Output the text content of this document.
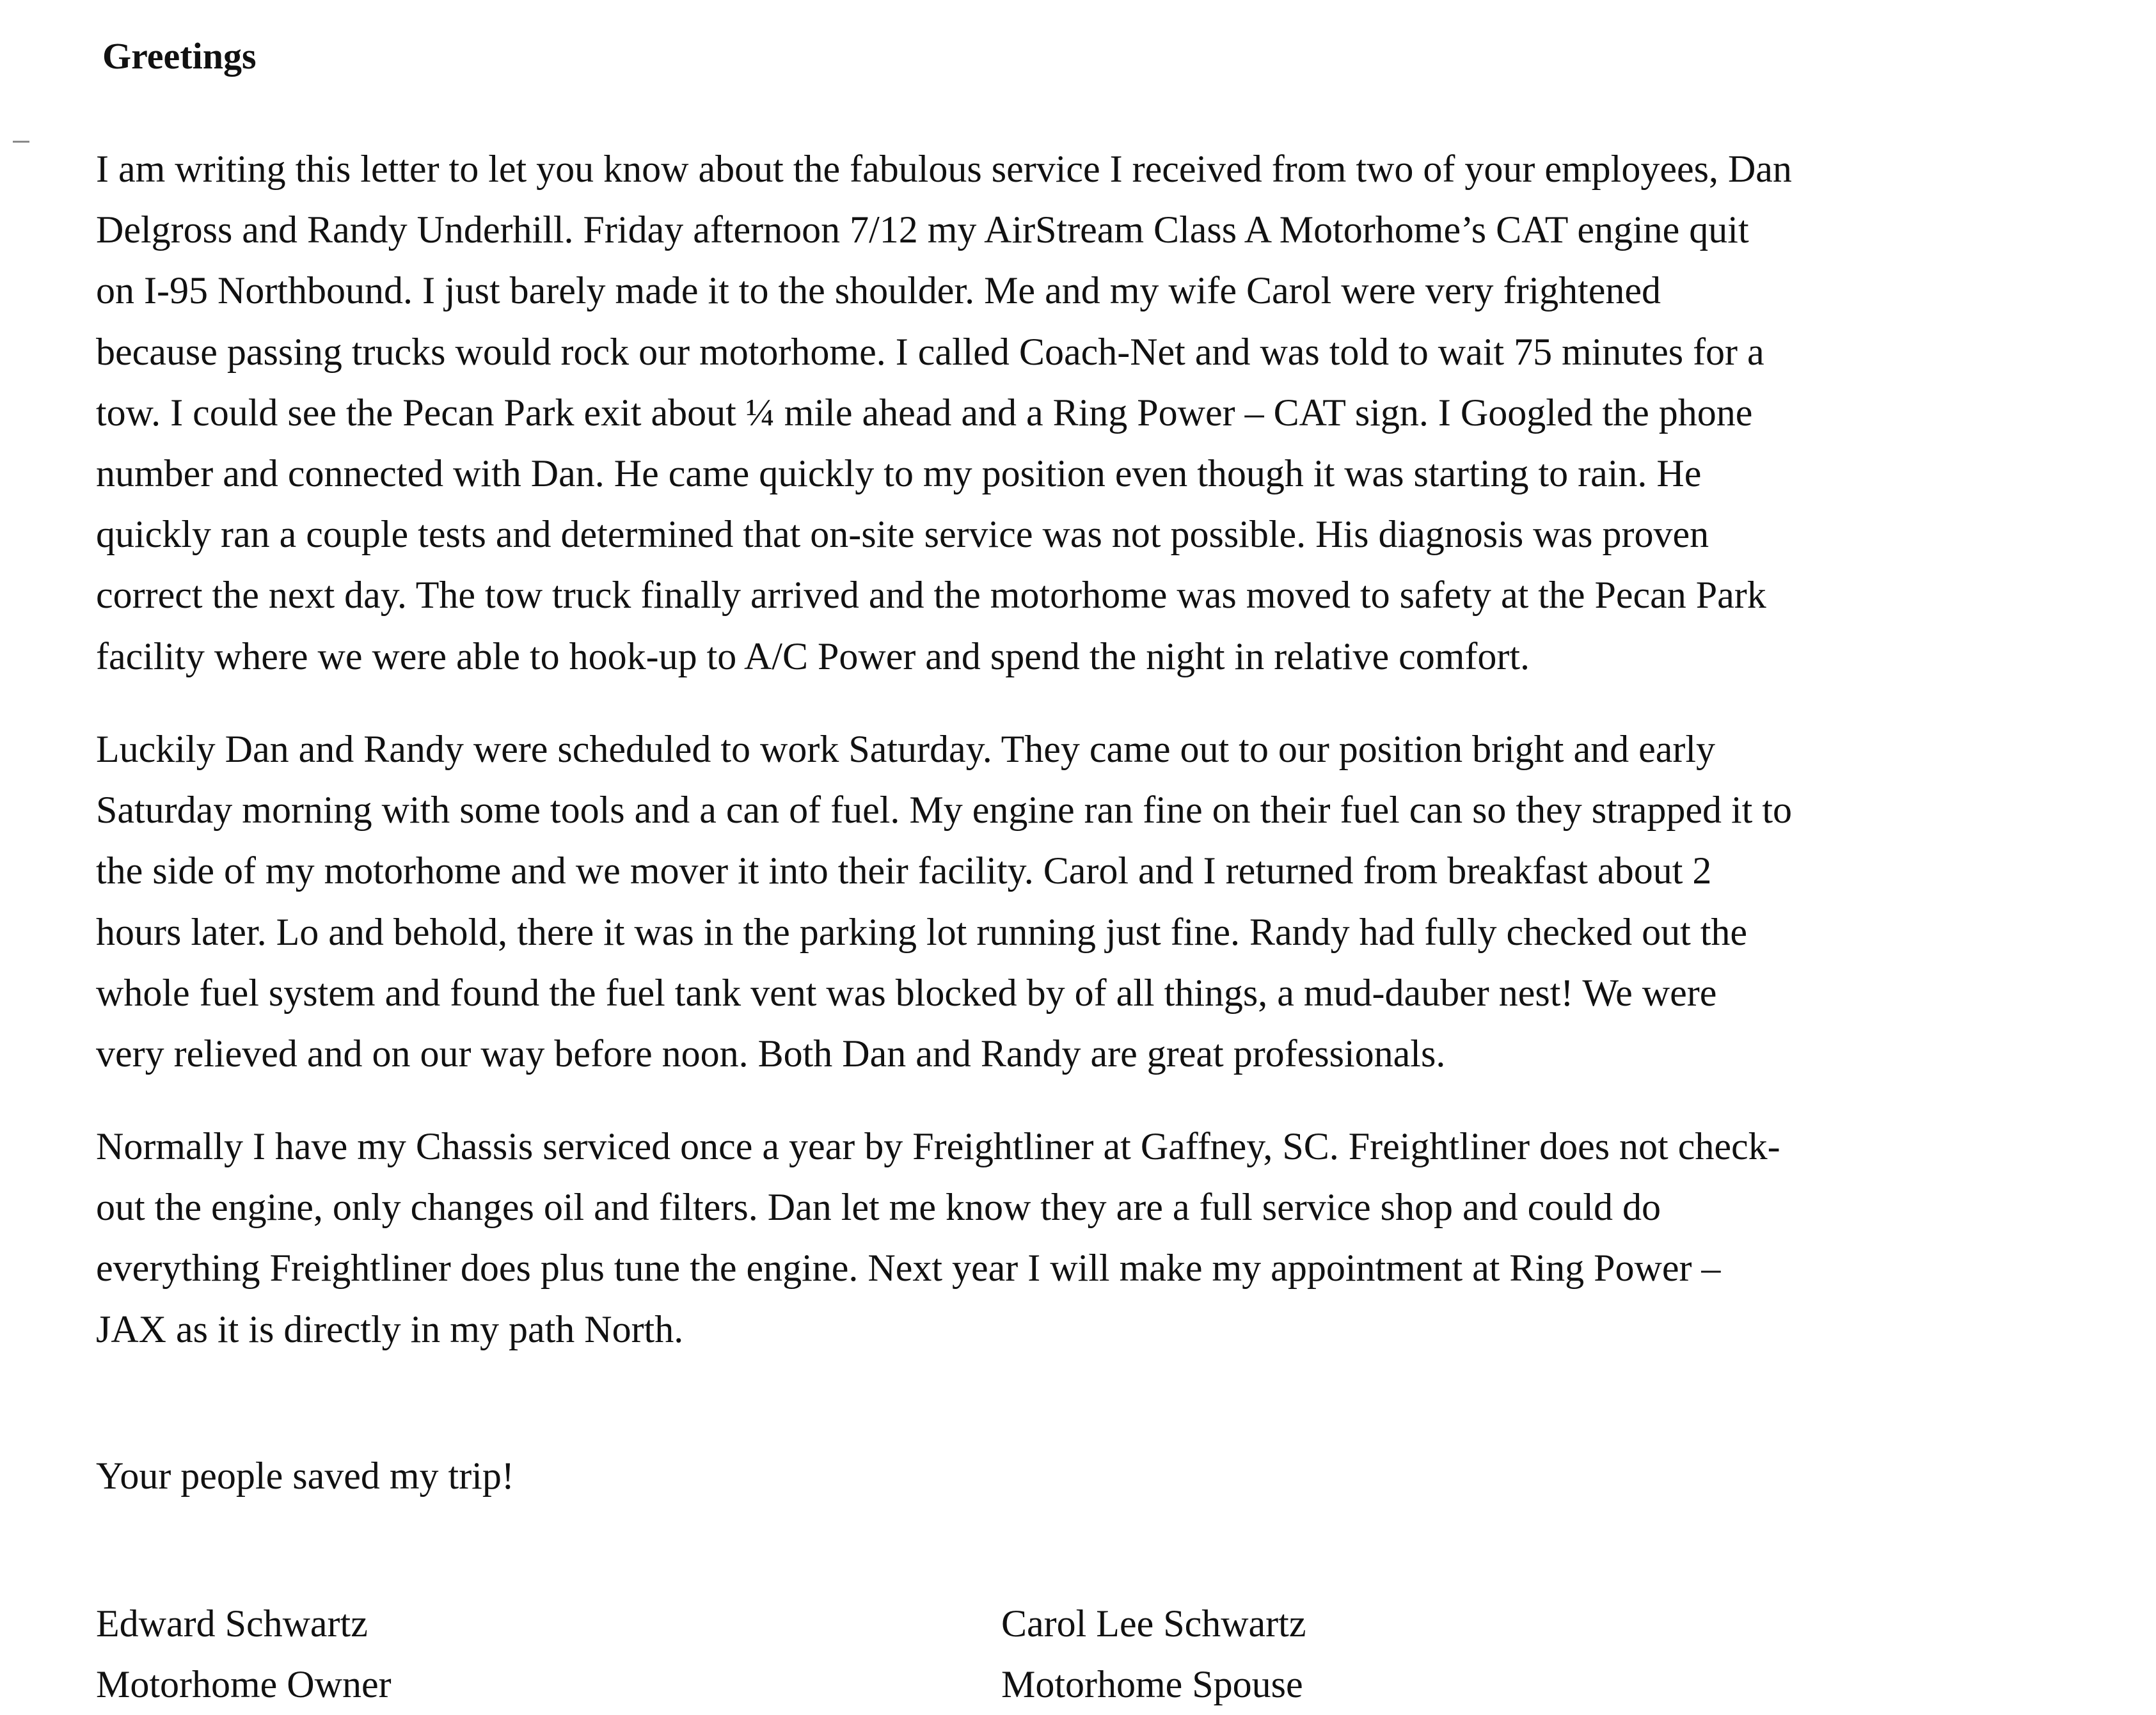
Greetings

I am writing this letter to let you know about the fabulous service I received from two of your employees, Dan
Delgross and Randy Underhill. Friday afternoon 7/12 my AirStream Class A Motorhome’s CAT engine quit
on I-95 Northbound. I just barely made it to the shoulder. Me and my wife Carol were very frightened
because passing trucks would rock our motorhome. I called Coach-Net and was told to wait 75 minutes for a
tow. I could see the Pecan Park exit about ¼ mile ahead and a Ring Power – CAT sign. I Googled the phone
number and connected with Dan. He came quickly to my position even though it was starting to rain. He
quickly ran a couple tests and determined that on-site service was not possible. His diagnosis was proven
correct the next day. The tow truck finally arrived and the motorhome was moved to safety at the Pecan Park
facility where we were able to hook-up to A/C Power and spend the night in relative comfort.

Luckily Dan and Randy were scheduled to work Saturday. They came out to our position bright and early
Saturday morning with some tools and a can of fuel. My engine ran fine on their fuel can so they strapped it to
the side of my motorhome and we mover it into their facility. Carol and I returned from breakfast about 2
hours later. Lo and behold, there it was in the parking lot running just fine. Randy had fully checked out the
whole fuel system and found the fuel tank vent was blocked by of all things, a mud-dauber nest! We were
very relieved and on our way before noon. Both Dan and Randy are great professionals.

Normally I have my Chassis serviced once a year by Freightliner at Gaffney, SC. Freightliner does not check-
out the engine, only changes oil and filters. Dan let me know they are a full service shop and could do
everything Freightliner does plus tune the engine. Next year I will make my appointment at Ring Power –
JAX as it is directly in my path North.

Your people saved my trip!

Edward Schwartz
Motorhome Owner
Carol Lee Schwartz
Motorhome Spouse
